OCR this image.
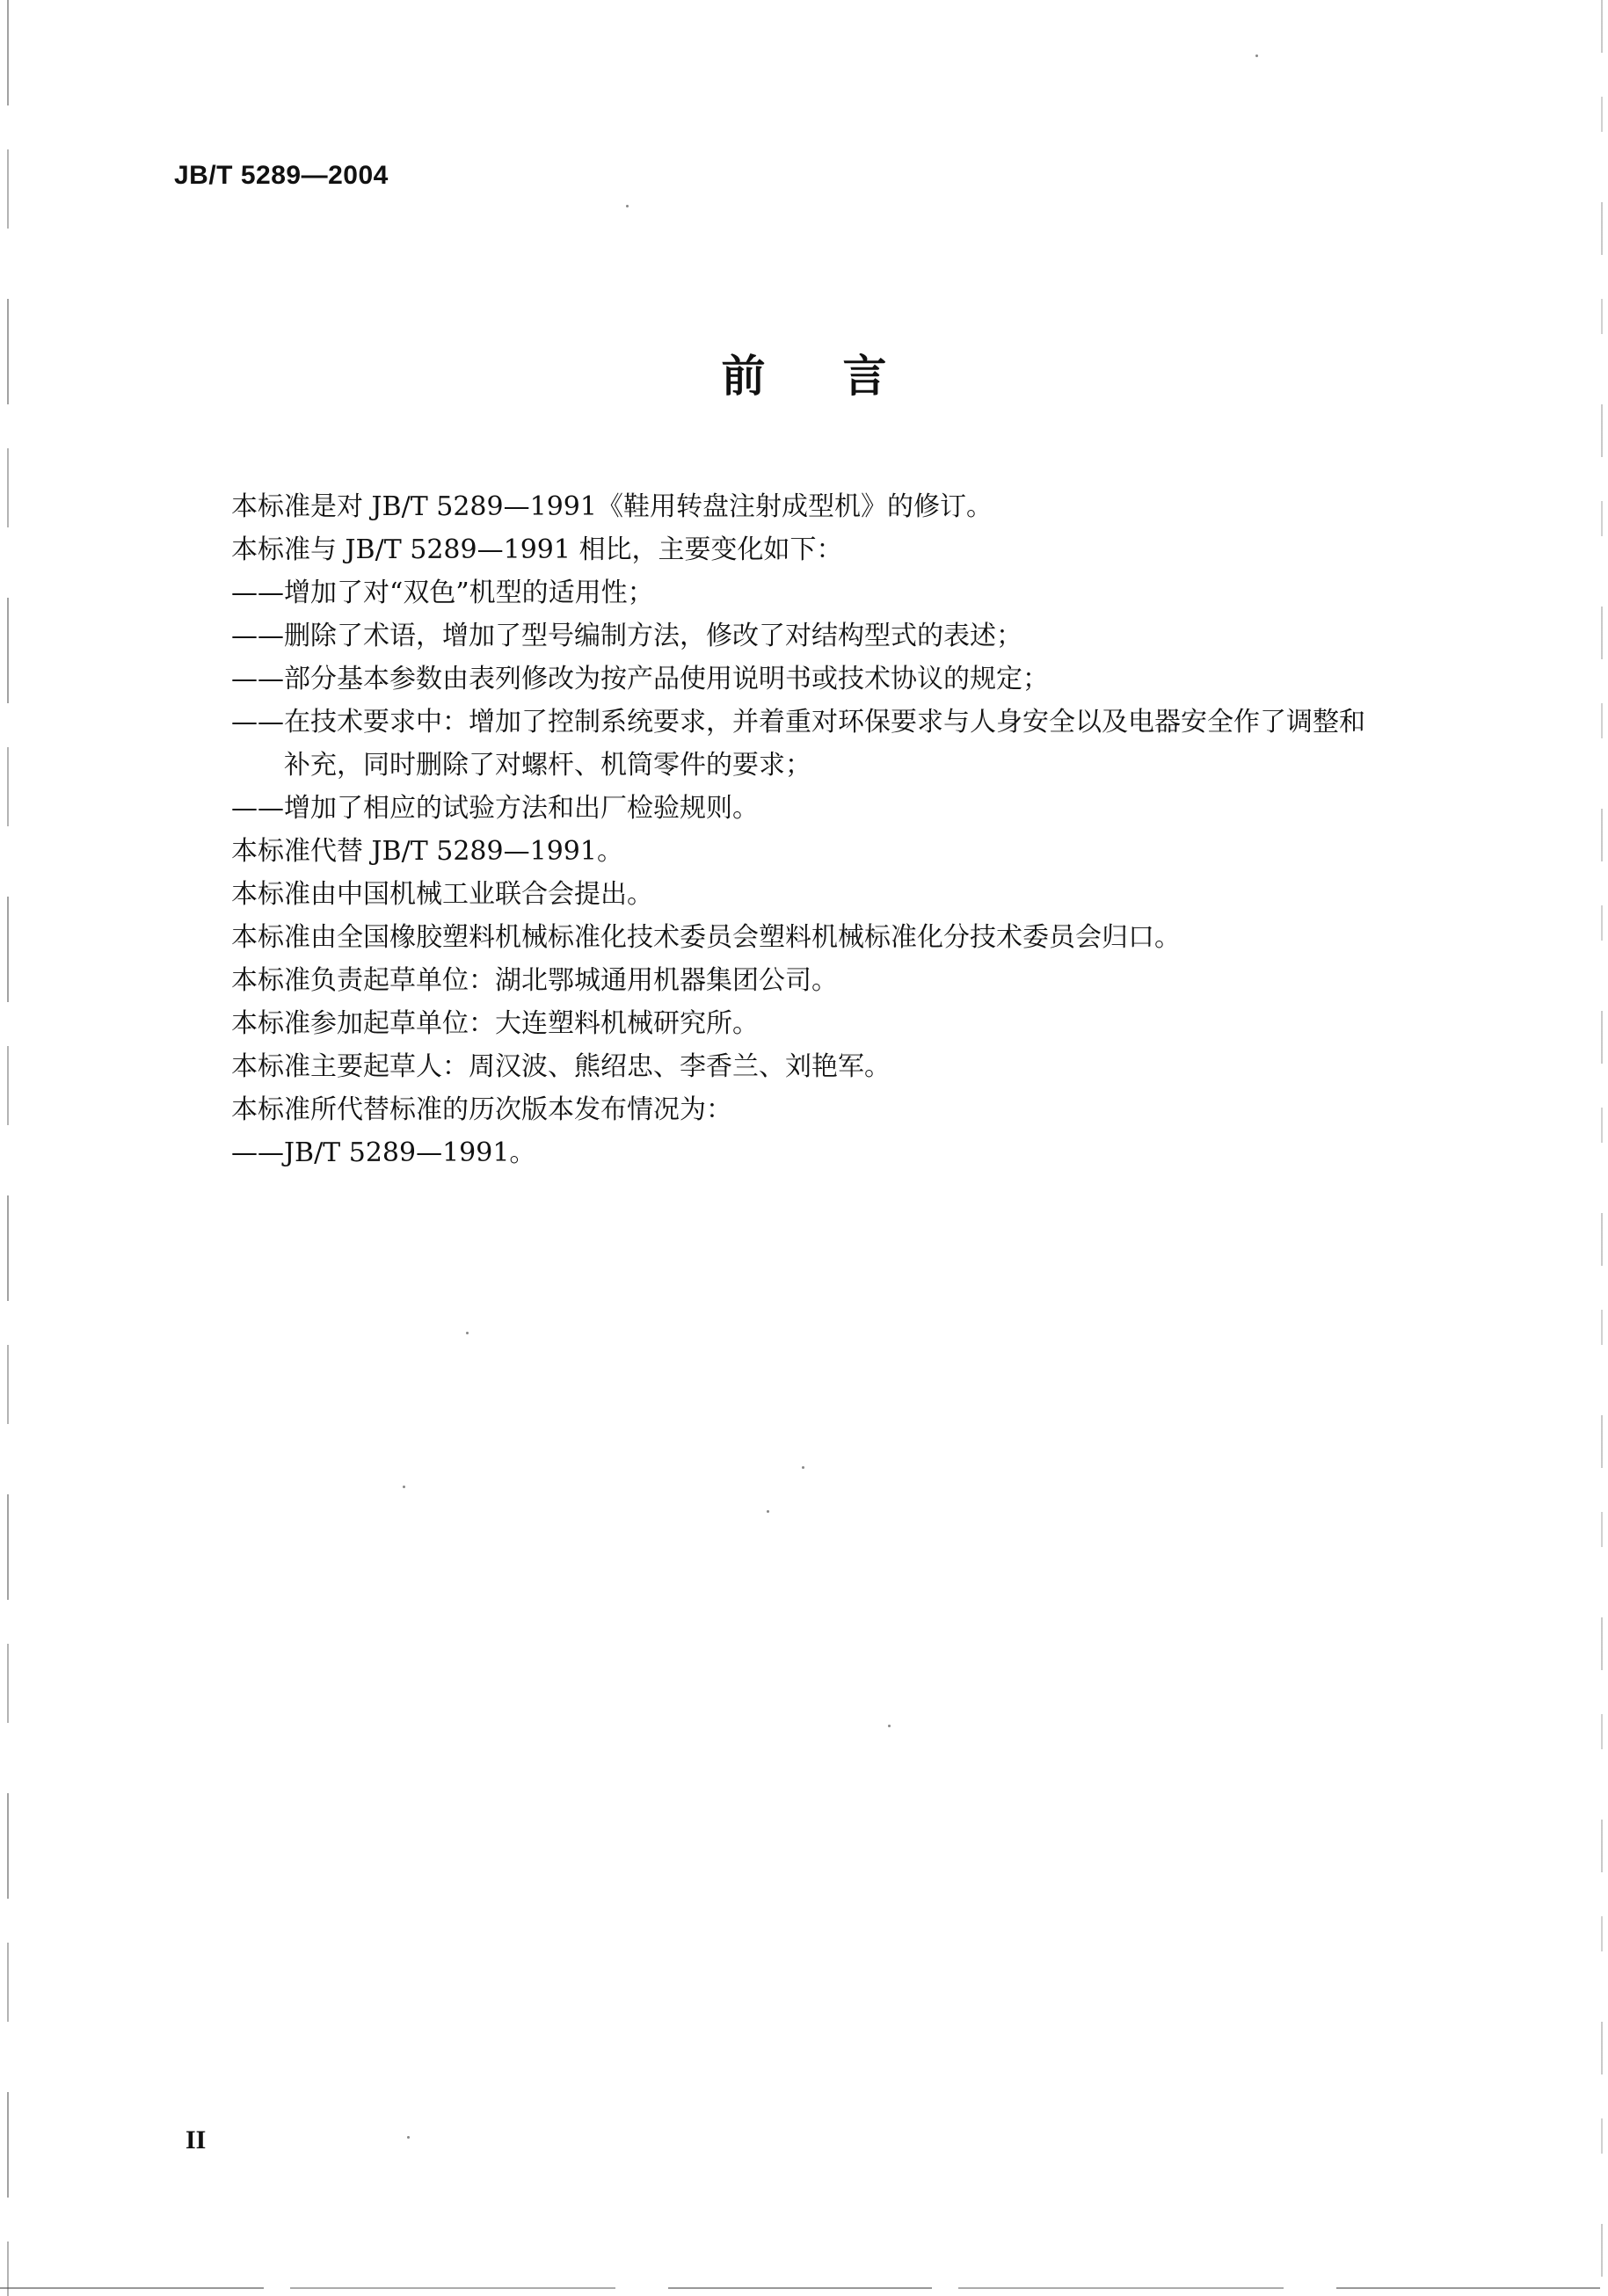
JB/T 5289—2004
前 言
本标准是对 JB/T 5289—1991《鞋用转盘注射成型机》的修订。
本标准与 JB/T 5289—1991 相比，主要变化如下：
——增加了对“双色”机型的适用性；
——删除了术语，增加了型号编制方法，修改了对结构型式的表述；
——部分基本参数由表列修改为按产品使用说明书或技术协议的规定；
——在技术要求中：增加了控制系统要求，并着重对环保要求与人身安全以及电器安全作了调整和
补充，同时删除了对螺杆、机筒零件的要求；
——增加了相应的试验方法和出厂检验规则。
本标准代替 JB/T 5289—1991。
本标准由中国机械工业联合会提出。
本标准由全国橡胶塑料机械标准化技术委员会塑料机械标准化分技术委员会归口。
本标准负责起草单位：湖北鄂城通用机器集团公司。
本标准参加起草单位：大连塑料机械研究所。
本标准主要起草人：周汉波、熊绍忠、李香兰、刘艳军。
本标准所代替标准的历次版本发布情况为：
——JB/T 5289—1991。
II
